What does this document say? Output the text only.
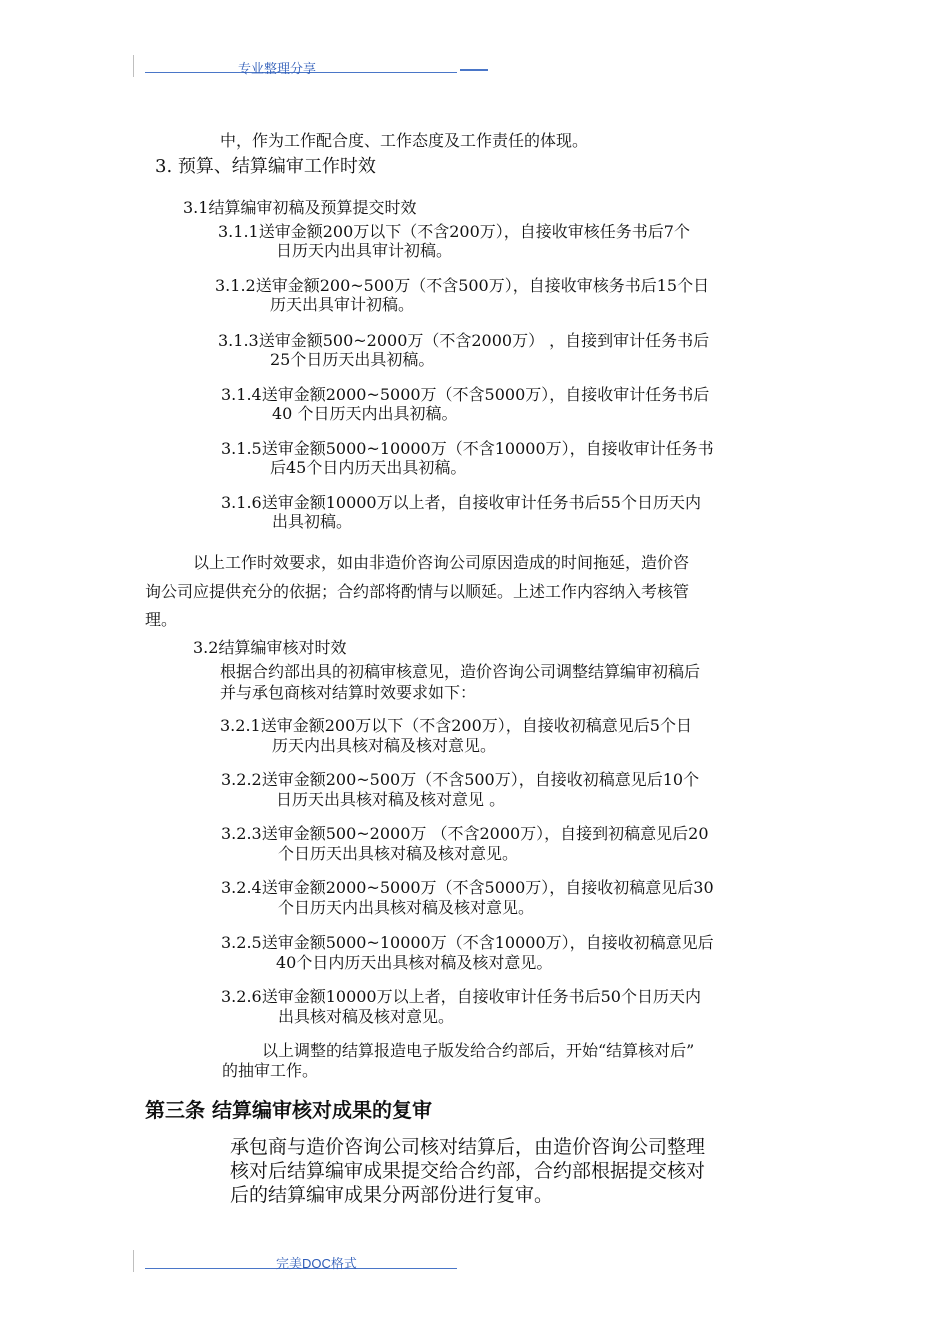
专业整理分享
中，作为工作配合度、工作态度及工作责任的体现。
3. 预算、结算编审工作时效
3.1结算编审初稿及预算提交时效
3.1.1送审金额200万以下（不含200万），自接收审核任务书后7个
日历天内出具审计初稿。
3.1.2送审金额200~500万（不含500万），自接收审核务书后15个日
历天出具审计初稿。
3.1.3送审金额500~2000万（不含2000万） ，自接到审计任务书后
25个日历天出具初稿。
3.1.4送审金额2000~5000万（不含5000万），自接收审计任务书后
40 个日历天内出具初稿。
3.1.5送审金额5000~10000万（不含10000万），自接收审计任务书
后45个日内历天出具初稿。
3.1.6送审金额10000万以上者，自接收审计任务书后55个日历天内
出具初稿。
以上工作时效要求，如由非造价咨询公司原因造成的时间拖延，造价咨
询公司应提供充分的依据；合约部将酌情与以顺延。上述工作内容纳入考核管
理。
3.2结算编审核对时效
根据合约部出具的初稿审核意见，造价咨询公司调整结算编审初稿后
并与承包商核对结算时效要求如下：
3.2.1送审金额200万以下（不含200万），自接收初稿意见后5个日
历天内出具核对稿及核对意见。
3.2.2送审金额200~500万（不含500万），自接收初稿意见后10个
日历天出具核对稿及核对意见 。
3.2.3送审金额500~2000万 （不含2000万），自接到初稿意见后20
个日历天出具核对稿及核对意见。
3.2.4送审金额2000~5000万（不含5000万），自接收初稿意见后30
个日历天内出具核对稿及核对意见。
3.2.5送审金额5000~10000万（不含10000万），自接收初稿意见后
40个日内历天出具核对稿及核对意见。
3.2.6送审金额10000万以上者，自接收审计任务书后50个日历天内
出具核对稿及核对意见。
以上调整的结算报造电子版发给合约部后，开始“结算核对后”
的抽审工作。
第三条 结算编审核对成果的复审
承包商与造价咨询公司核对结算后，由造价咨询公司整理
核对后结算编审成果提交给合约部，合约部根据提交核对
后的结算编审成果分两部份进行复审。
完美DOC格式
